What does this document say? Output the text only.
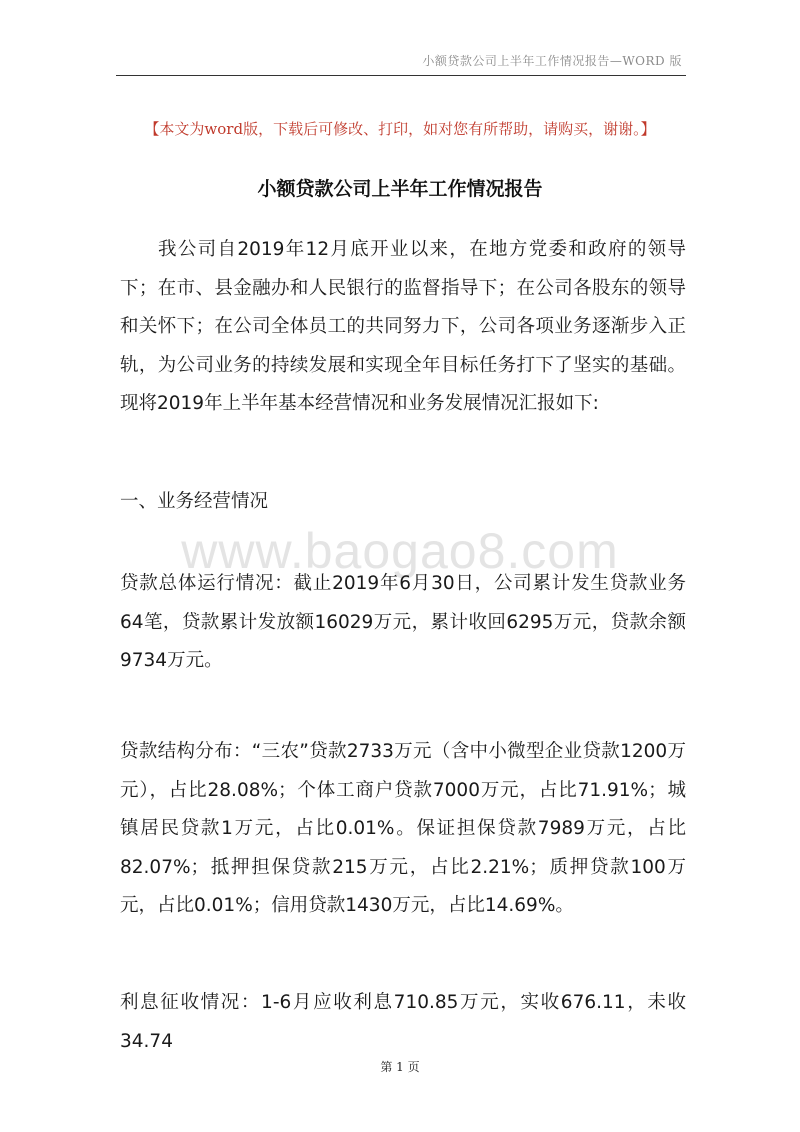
小额贷款公司上半年工作情况报告—WORD 版
【本文为word版，下载后可修改、打印，如对您有所帮助，请购买，谢谢。】
小额贷款公司上半年工作情况报告

我公司自2019年12月底开业以来，在地方党委和政府的领导下；在市、县金融办和人民银行的监督指导下；在公司各股东的领导和关怀下；在公司全体员工的共同努力下，公司各项业务逐渐步入正轨，为公司业务的持续发展和实现全年目标任务打下了坚实的基础。现将2019年上半年基本经营情况和业务发展情况汇报如下:

一、业务经营情况

www.baogao8.com

贷款总体运行情况：截止2019年6月30日，公司累计发生贷款业务64笔，贷款累计发放额16029万元，累计收回6295万元，贷款余额9734万元。

贷款结构分布：“三农”贷款2733万元（含中小微型企业贷款1200万元），占比28.08%；个体工商户贷款7000万元，占比71.91%；城镇居民贷款1万元，占比0.01%。保证担保贷款7989万元，占比82.07%；抵押担保贷款215万元，占比2.21%；质押贷款100万元，占比0.01%；信用贷款1430万元，占比14.69%。

利息征收情况：1-6月应收利息710.85万元，实收676.11，未收34.74

第 1 页
